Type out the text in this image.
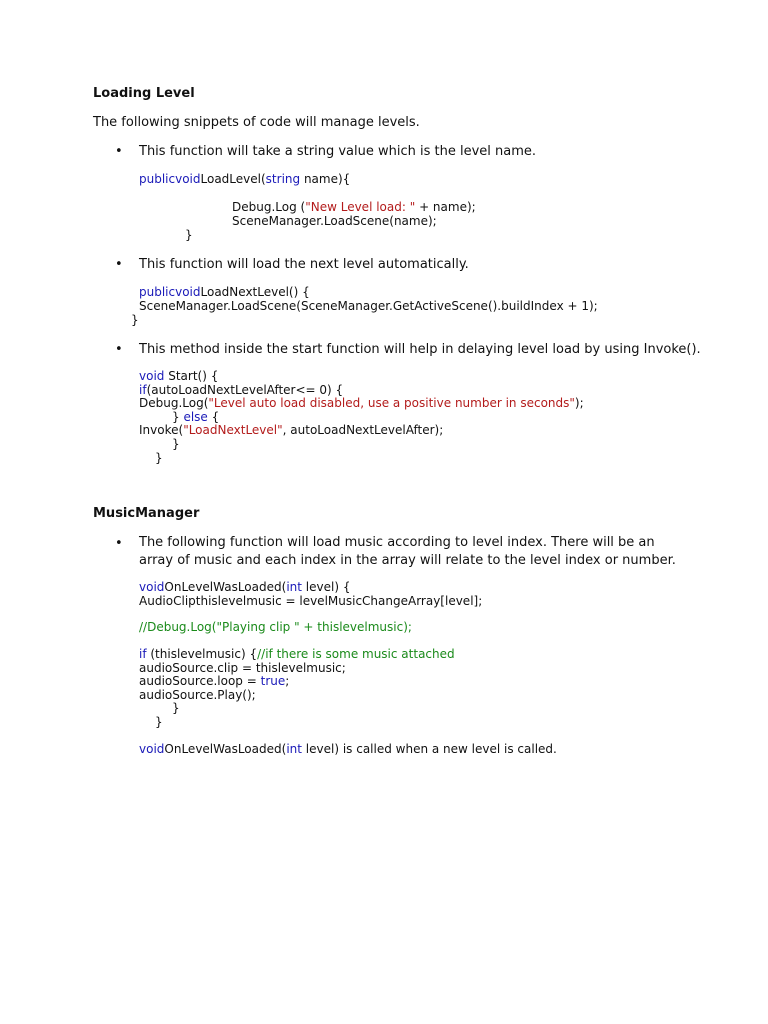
Loading Level
The following snippets of code will manage levels.
• This function will take a string value which is the level name.
publicvoidLoadLevel(string name){
Debug.Log ("New Level load: " + name);
SceneManager.LoadScene(name);
}
• This function will load the next level automatically.
publicvoidLoadNextLevel() {
SceneManager.LoadScene(SceneManager.GetActiveScene().buildIndex + 1);
}
• This method inside the start function will help in delaying level load by using Invoke().
void Start() {
if(autoLoadNextLevelAfter<= 0) {
Debug.Log("Level auto load disabled, use a positive number in seconds");
} else {
Invoke("LoadNextLevel", autoLoadNextLevelAfter);
}
}
MusicManager
• The following function will load music according to level index. There will be an
array of music and each index in the array will relate to the level index or number.
voidOnLevelWasLoaded(int level) {
AudioClipthislevelmusic = levelMusicChangeArray[level];
//Debug.Log("Playing clip " + thislevelmusic);
if (thislevelmusic) {//if there is some music attached
audioSource.clip = thislevelmusic;
audioSource.loop = true;
audioSource.Play();
}
}
voidOnLevelWasLoaded(int level) is called when a new level is called.
